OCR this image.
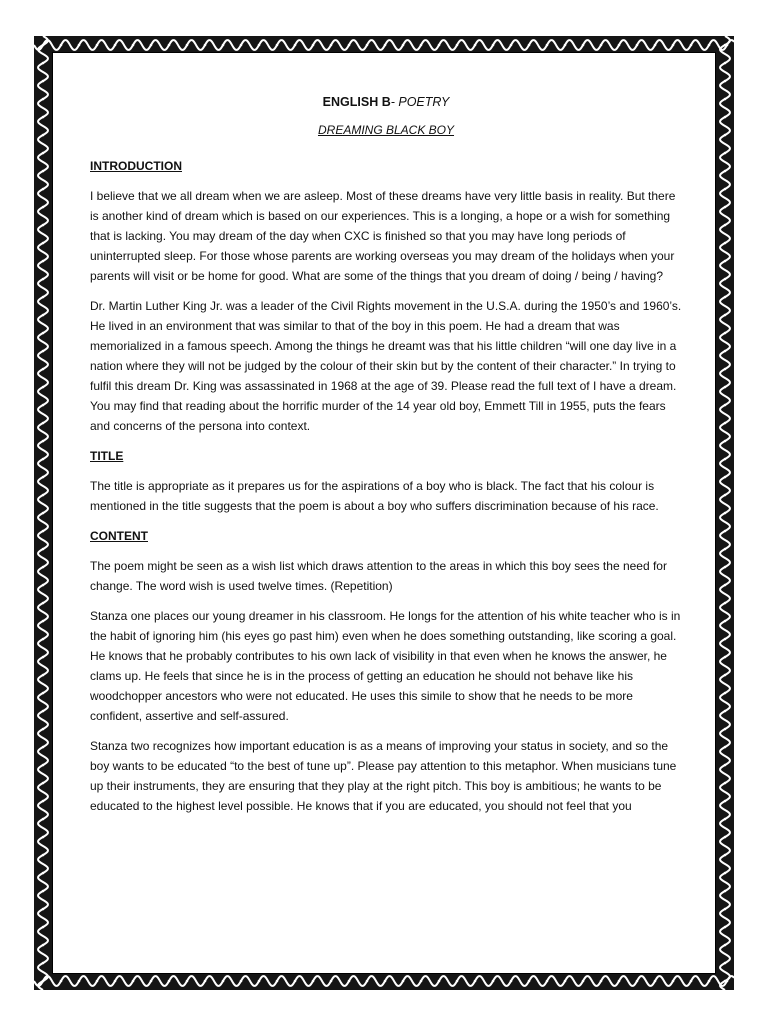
ENGLISH B- POETRY

DREAMING BLACK BOY

INTRODUCTION

I believe that we all dream when we are asleep. Most of these dreams have very little basis in reality. But there is another kind of dream which is based on our experiences. This is a longing, a hope or a wish for something that is lacking. You may dream of the day when CXC is finished so that you may have long periods of uninterrupted sleep. For those whose parents are working overseas you may dream of the holidays when your parents will visit or be home for good. What are some of the things that you dream of doing / being / having?

Dr. Martin Luther King Jr. was a leader of the Civil Rights movement in the U.S.A. during the 1950’s and 1960’s. He lived in an environment that was similar to that of the boy in this poem. He had a dream that was memorialized in a famous speech. Among the things he dreamt was that his little children “will one day live in a nation where they will not be judged by the colour of their skin but by the content of their character.” In trying to fulfil this dream Dr. King was assassinated in 1968 at the age of 39. Please read the full text of I have a dream. You may find that reading about the horrific murder of the 14 year old boy, Emmett Till in 1955, puts the fears and concerns of the persona into context.

TITLE

The title is appropriate as it prepares us for the aspirations of a boy who is black. The fact that his colour is mentioned in the title suggests that the poem is about a boy who suffers discrimination because of his race.

CONTENT

The poem might be seen as a wish list which draws attention to the areas in which this boy sees the need for change. The word wish is used twelve times. (Repetition)

Stanza one places our young dreamer in his classroom. He longs for the attention of his white teacher who is in the habit of ignoring him (his eyes go past him) even when he does something outstanding, like scoring a goal. He knows that he probably contributes to his own lack of visibility in that even when he knows the answer, he clams up. He feels that since he is in the process of getting an education he should not behave like his woodchopper ancestors who were not educated. He uses this simile to show that he needs to be more confident, assertive and self-assured.

Stanza two recognizes how important education is as a means of improving your status in society, and so the boy wants to be educated “to the best of tune up”. Please pay attention to this metaphor. When musicians tune up their instruments, they are ensuring that they play at the right pitch. This boy is ambitious; he wants to be educated to the highest level possible. He knows that if you are educated, you should not feel that you
